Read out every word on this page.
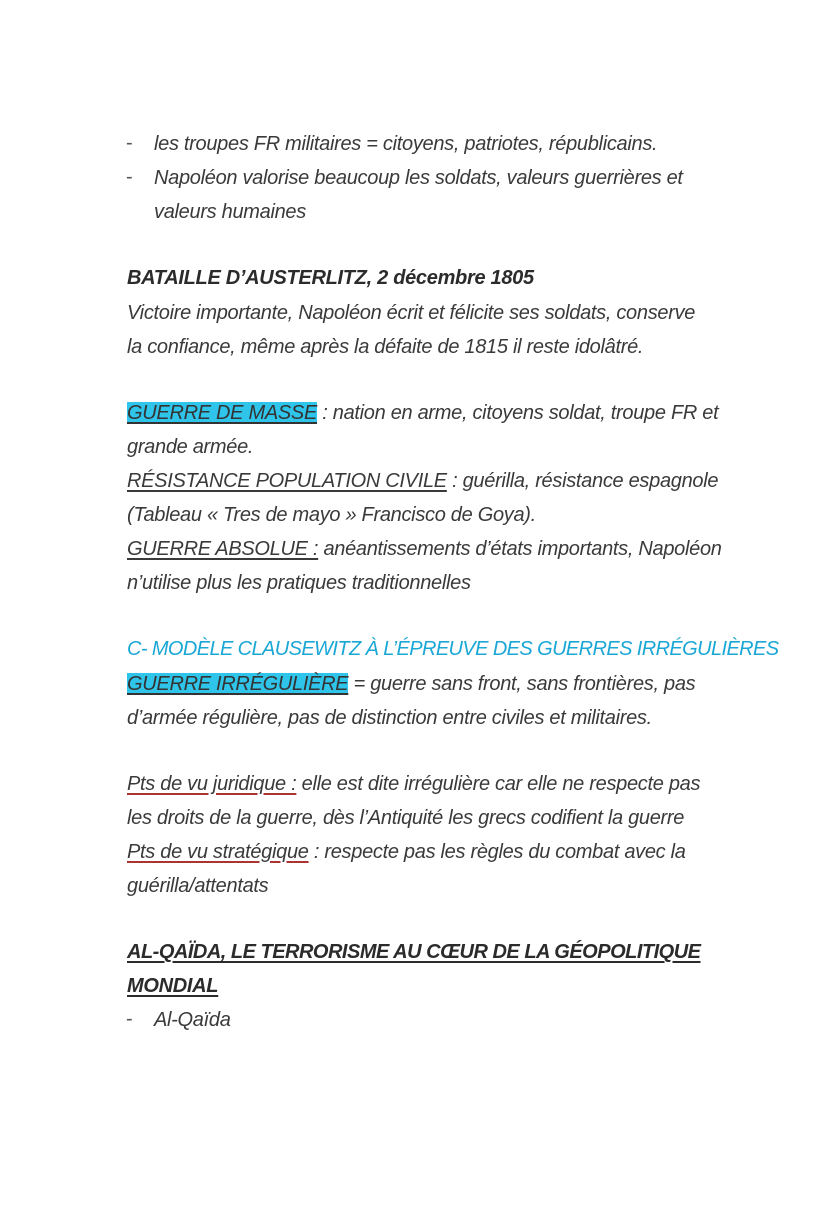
- les troupes FR militaires = citoyens, patriotes, républicains.
- Napoléon valorise beaucoup les soldats, valeurs guerrières et
valeurs humaines
BATAILLE D’AUSTERLITZ, 2 décembre 1805
Victoire importante, Napoléon écrit et félicite ses soldats, conserve
la confiance, même après la défaite de 1815 il reste idolâtré.
GUERRE DE MASSE : nation en arme, citoyens soldat, troupe FR et
grande armée.
RÉSISTANCE POPULATION CIVILE : guérilla, résistance espagnole
(Tableau « Tres de mayo » Francisco de Goya).
GUERRE ABSOLUE : anéantissements d’états importants, Napoléon
n’utilise plus les pratiques traditionnelles
C- MODÈLE CLAUSEWITZ À L’ÉPREUVE DES GUERRES IRRÉGULIÈRES
GUERRE IRRÉGULIÈRE = guerre sans front, sans frontières, pas
d’armée régulière, pas de distinction entre civiles et militaires.
Pts de vu juridique : elle est dite irrégulière car elle ne respecte pas
les droits de la guerre, dès l’Antiquité les grecs codifient la guerre
Pts de vu stratégique : respecte pas les règles du combat avec la
guérilla/attentats
AL-QAÏDA, LE TERRORISME AU CŒUR DE LA GÉOPOLITIQUE
MONDIAL
- Al-Qaïda
